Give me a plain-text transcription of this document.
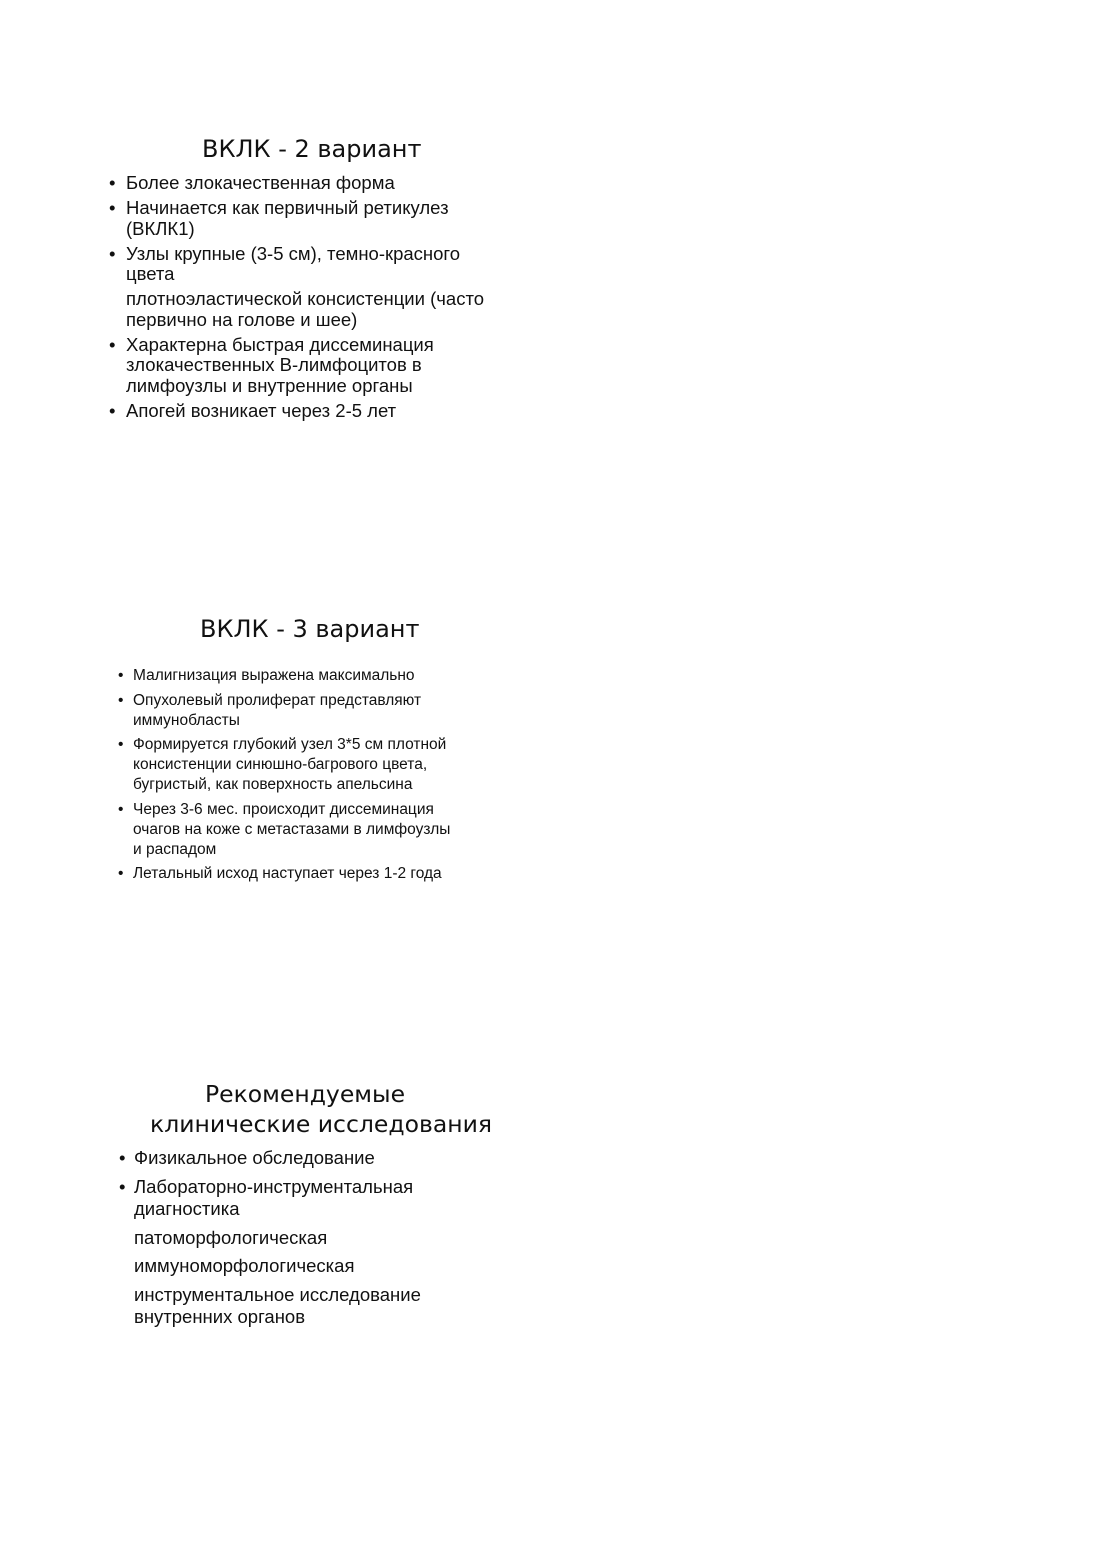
ВКЛК - 2 вариант
• Более злокачественная форма
• Начинается как первичный ретикулез
(ВКЛК1)
• Узлы крупные (3-5 см), темно-красного
цвета
плотноэластической консистенции (часто
первично на голове и шее)
• Характерна быстрая диссеминация
злокачественных В-лимфоцитов в
лимфоузлы и внутренние органы
• Апогей возникает через 2-5 лет
ВКЛК - 3 вариант
• Малигнизация выражена максимально
• Опухолевый пролиферат представляют
иммунобласты
• Формируется глубокий узел 3*5 см плотной
консистенции синюшно-багрового цвета,
бугристый, как поверхность апельсина
• Через 3-6 мес. происходит диссеминация
очагов на коже с метастазами в лимфоузлы
и распадом
• Летальный исход наступает через 1-2 года
Рекомендуемые
клинические исследования
• Физикальное обследование
• Лабораторно-инструментальная
диагностика
патоморфологическая
иммуноморфологическая
инструментальное исследование
внутренних органов
